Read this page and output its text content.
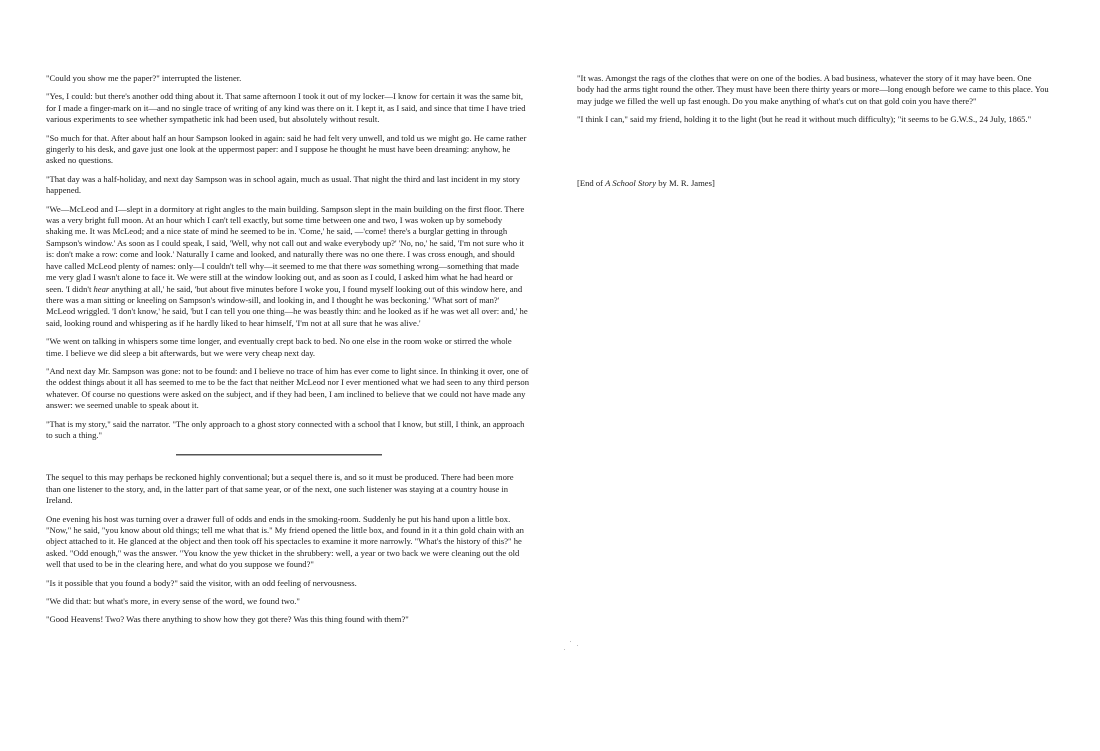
"Could you show me the paper?" interrupted the listener.

"Yes, I could: but there's another odd thing about it. That same afternoon I took it out of my locker—I know for certain it was the same bit, for I made a finger-mark on it—and no single trace of writing of any kind was there on it. I kept it, as I said, and since that time I have tried various experiments to see whether sympathetic ink had been used, but absolutely without result.

"So much for that. After about half an hour Sampson looked in again: said he had felt very unwell, and told us we might go. He came rather gingerly to his desk, and gave just one look at the uppermost paper: and I suppose he thought he must have been dreaming: anyhow, he asked no questions.

"That day was a half-holiday, and next day Sampson was in school again, much as usual. That night the third and last incident in my story happened.

"We—McLeod and I—slept in a dormitory at right angles to the main building. Sampson slept in the main building on the first floor. There was a very bright full moon. At an hour which I can't tell exactly, but some time between one and two, I was woken up by somebody shaking me. It was McLeod; and a nice state of mind he seemed to be in. 'Come,' he said, —'come! there's a burglar getting in through Sampson's window.' As soon as I could speak, I said, 'Well, why not call out and wake everybody up?' 'No, no,' he said, 'I'm not sure who it is: don't make a row: come and look.' Naturally I came and looked, and naturally there was no one there. I was cross enough, and should have called McLeod plenty of names: only—I couldn't tell why—it seemed to me that there was something wrong—something that made me very glad I wasn't alone to face it. We were still at the window looking out, and as soon as I could, I asked him what he had heard or seen. 'I didn't hear anything at all,' he said, 'but about five minutes before I woke you, I found myself looking out of this window here, and there was a man sitting or kneeling on Sampson's window-sill, and looking in, and I thought he was beckoning.' 'What sort of man?' McLeod wriggled. 'I don't know,' he said, 'but I can tell you one thing—he was beastly thin: and he looked as if he was wet all over: and,' he said, looking round and whispering as if he hardly liked to hear himself, 'I'm not at all sure that he was alive.'

"We went on talking in whispers some time longer, and eventually crept back to bed. No one else in the room woke or stirred the whole time. I believe we did sleep a bit afterwards, but we were very cheap next day.

"And next day Mr. Sampson was gone: not to be found: and I believe no trace of him has ever come to light since. In thinking it over, one of the oddest things about it all has seemed to me to be the fact that neither McLeod nor I ever mentioned what we had seen to any third person whatever. Of course no questions were asked on the subject, and if they had been, I am inclined to believe that we could not have made any answer: we seemed unable to speak about it.

"That is my story," said the narrator. "The only approach to a ghost story connected with a school that I know, but still, I think, an approach to such a thing."

The sequel to this may perhaps be reckoned highly conventional; but a sequel there is, and so it must be produced. There had been more than one listener to the story, and, in the latter part of that same year, or of the next, one such listener was staying at a country house in Ireland.

One evening his host was turning over a drawer full of odds and ends in the smoking-room. Suddenly he put his hand upon a little box. "Now," he said, "you know about old things; tell me what that is." My friend opened the little box, and found in it a thin gold chain with an object attached to it. He glanced at the object and then took off his spectacles to examine it more narrowly. "What's the history of this?" he asked. "Odd enough," was the answer. "You know the yew thicket in the shrubbery: well, a year or two back we were cleaning out the old well that used to be in the clearing here, and what do you suppose we found?"

"Is it possible that you found a body?" said the visitor, with an odd feeling of nervousness.

"We did that: but what's more, in every sense of the word, we found two."

"Good Heavens! Two? Was there anything to show how they got there? Was this thing found with them?"

"It was. Amongst the rags of the clothes that were on one of the bodies. A bad business, whatever the story of it may have been. One body had the arms tight round the other. They must have been there thirty years or more—long enough before we came to this place. You may judge we filled the well up fast enough. Do you make anything of what's cut on that gold coin you have there?"

"I think I can," said my friend, holding it to the light (but he read it without much difficulty); "it seems to be G.W.S., 24 July, 1865."

[End of A School Story by M. R. James]
